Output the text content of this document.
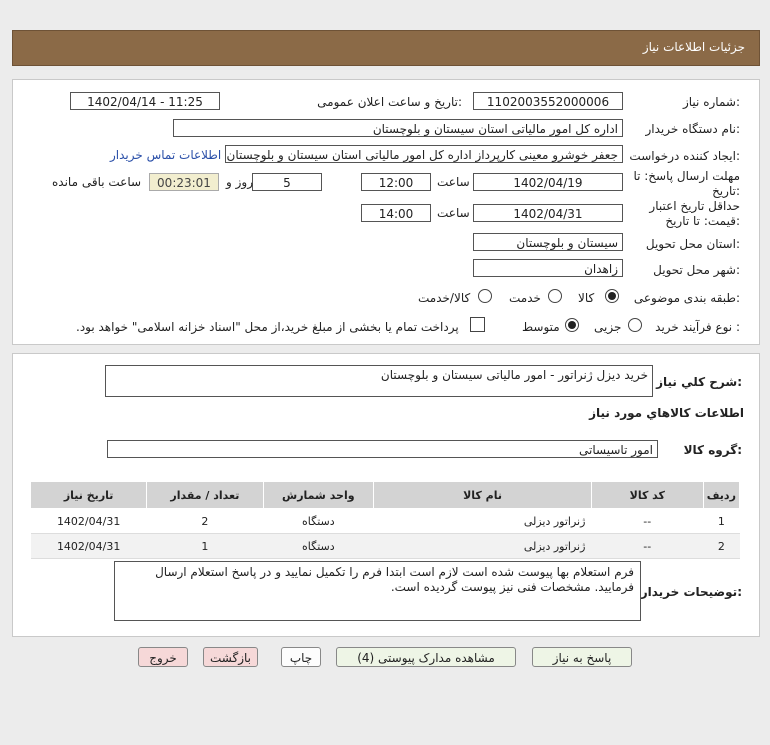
جزئیات اطلاعات نیاز
شماره نیاز:
1102003552000006
تاریخ و ساعت اعلان عمومی:
1402/04/14 - 11:25
نام دستگاه خریدار:
اداره کل امور مالیاتی استان سیستان و بلوچستان
ایجاد کننده درخواست:
جعفر خوشرو معینی کارپرداز اداره کل امور مالیاتی استان سیستان و بلوچستان
اطلاعات تماس خریدار
مهلت ارسال پاسخ: تا
تاریخ:
1402/04/19
ساعت
12:00
5
روز و
00:23:01
ساعت باقی مانده
حداقل تاریخ اعتبار
قیمت: تا تاریخ:
1402/04/31
ساعت
14:00
استان محل تحویل:
سیستان و بلوچستان
شهر محل تحویل:
زاهدان
طبقه بندی موضوعی:
کالا
خدمت
کالا/خدمت
نوع فرآیند خرید :
جزیی
متوسط
پرداخت تمام یا بخشی از مبلغ خرید،از محل "اسناد خزانه اسلامی" خواهد بود.
شرح کلي نياز:
خرید دیزل ژنراتور - امور مالیاتی سیستان و بلوچستان
اطلاعات کالاهاي مورد نياز
گروه کالا:
امور تاسیساتی
ردیف	کد کالا	نام کالا	واحد شمارش	تعداد / مقدار	تاریخ نیاز
1	--	ژنراتور دیزلی	دستگاه	2	1402/04/31
2	--	ژنراتور دیزلی	دستگاه	1	1402/04/31
توضیحات خریدار:
فرم استعلام بها پیوست شده است لازم است ابتدا فرم را تکمیل نمایید و در پاسخ استعلام ارسال فرمایید. مشخصات فنی نیز پیوست گردیده است.
پاسخ به نیاز
مشاهده مدارک پیوستی (4)
چاپ
بازگشت
خروج
